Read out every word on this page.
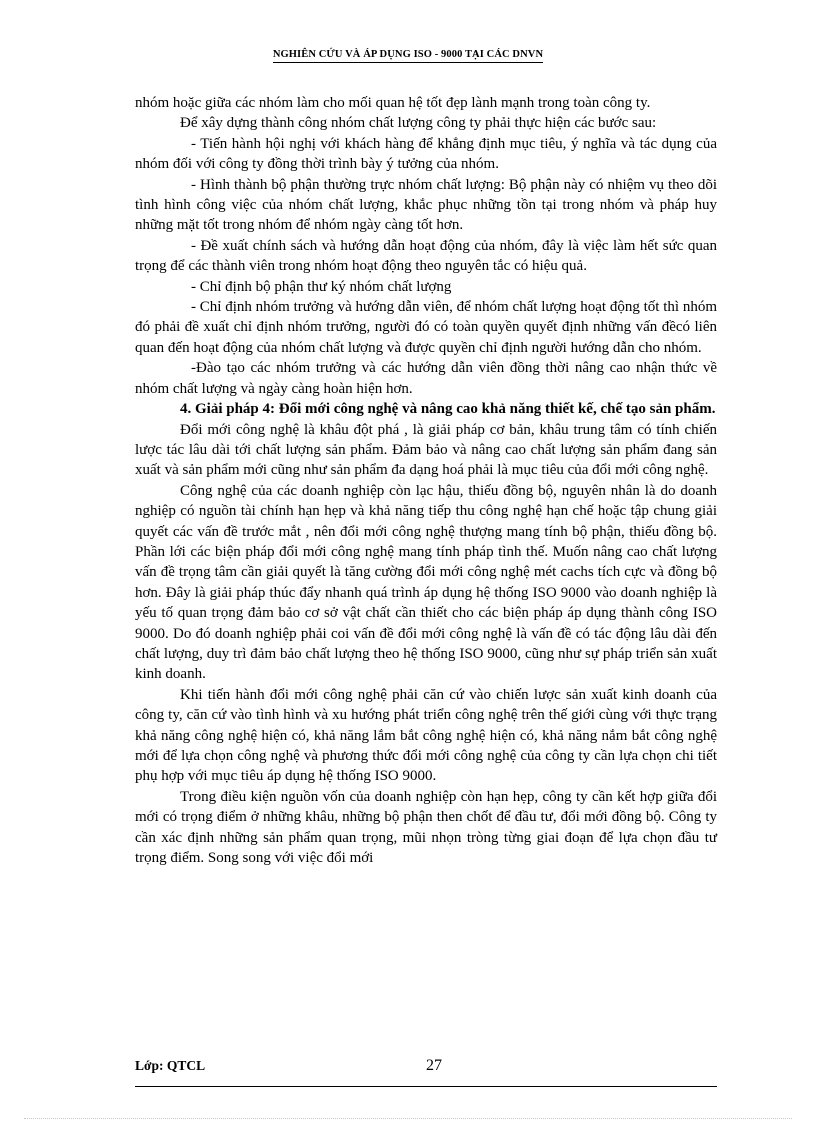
NGHIÊN CỨU VÀ ÁP DỤNG ISO - 9000 TẠI CÁC DNVN

nhóm hoặc giữa các nhóm làm cho mối quan hệ tốt đẹp lành mạnh trong toàn công ty.

Để xây dựng thành công nhóm chất lượng công ty phải thực hiện các bước sau:

- Tiến hành hội nghị với khách hàng để khẳng định mục tiêu, ý nghĩa và tác dụng của nhóm đối với công ty đồng thời trình bày ý tưởng của nhóm.

- Hình thành bộ phận thường trực nhóm chất lượng: Bộ phận này có nhiệm vụ theo dõi tình hình công việc của nhóm chất lượng, khắc phục những tồn tại trong nhóm và pháp huy những mặt tốt trong nhóm để nhóm ngày càng tốt hơn.

- Đề xuất chính sách và hướng dẫn hoạt động của nhóm, đây là việc làm hết sức quan trọng để các thành viên trong nhóm hoạt động theo nguyên tắc có hiệu quả.

- Chỉ định bộ phận thư ký nhóm chất lượng

- Chỉ định nhóm trưởng và hướng dẫn viên, để nhóm chất lượng hoạt động tốt thì nhóm đó phải đề xuất chỉ định nhóm trưởng, người đó có toàn quyền quyết định những vấn đềcó liên quan đến hoạt động của nhóm chất lượng và được quyền chỉ định người hướng dẫn cho nhóm.

-Đào tạo các nhóm trưởng và các hướng dẫn viên đồng thời nâng cao nhận thức về nhóm chất lượng và ngày càng hoàn hiện hơn.

4. Giải pháp 4: Đổi mới công nghệ và nâng cao khả năng thiết kế, chế tạo sản phẩm.

Đổi mới công nghệ là khâu đột phá , là giải pháp cơ bản, khâu trung tâm có tính chiến lược tác lâu dài tới chất lượng sản phẩm. Đảm bảo và nâng cao chất lượng sản phẩm đang sản xuất và sản phẩm mới cũng như sản phẩm đa dạng hoá phải là mục tiêu của đổi mới công nghệ.

Công nghệ của các doanh nghiệp còn lạc hậu, thiếu đồng bộ, nguyên nhân là do doanh nghiệp có nguồn tài chính hạn hẹp và khả năng tiếp thu công nghệ hạn chế hoặc tập chung giải quyết các vấn đề trước mắt , nên đổi mới công nghệ thượng mang tính bộ phận, thiếu đồng bộ. Phần lới các biện pháp đổi mới công nghệ mang tính pháp tình thế. Muốn nâng cao chất lượng vấn đề trọng tâm cần giải quyết là tăng cường đổi mới công nghệ mét cachs tích cực và đồng bộ hơn. Đây là giải pháp thúc đẩy nhanh quá trình áp dụng hệ thống ISO 9000 vào doanh nghiệp là yếu tố quan trọng đảm bảo cơ sở vật chất cần thiết cho các biện pháp áp dụng thành công ISO 9000. Do đó doanh nghiệp phải coi vấn đề đổi mới công nghệ là vấn đề có tác động lâu dài đến chất lượng, duy trì đảm bảo chất lượng theo hệ thống ISO 9000, cũng như sự pháp triển sản xuất kinh doanh.

Khi tiến hành đổi mới công nghệ phải căn cứ vào chiến lược sản xuất kinh doanh của công ty, căn cứ vào tình hình và xu hướng phát triển công nghệ trên thế giới cùng với thực trạng khả năng công nghệ hiện có, khả năng lắm bắt công nghệ hiện có, khả năng nắm bắt công nghệ mới để lựa chọn công nghệ và phương thức đổi mới công nghệ của công ty cần lựa chọn chi tiết phụ hợp với mục tiêu áp dụng hệ thống ISO 9000.

Trong điều kiện nguồn vốn của doanh nghiệp còn hạn hẹp, công ty cần kết hợp giữa đổi mới có trọng điểm ở những khâu, những bộ phận then chốt để đầu tư, đổi mới đồng bộ. Công ty cần xác định những sản phẩm quan trọng, mũi nhọn tròng từng giai đoạn để lựa chọn đầu tư trọng điểm. Song song với việc đổi mới

Lớp: QTCL	27
